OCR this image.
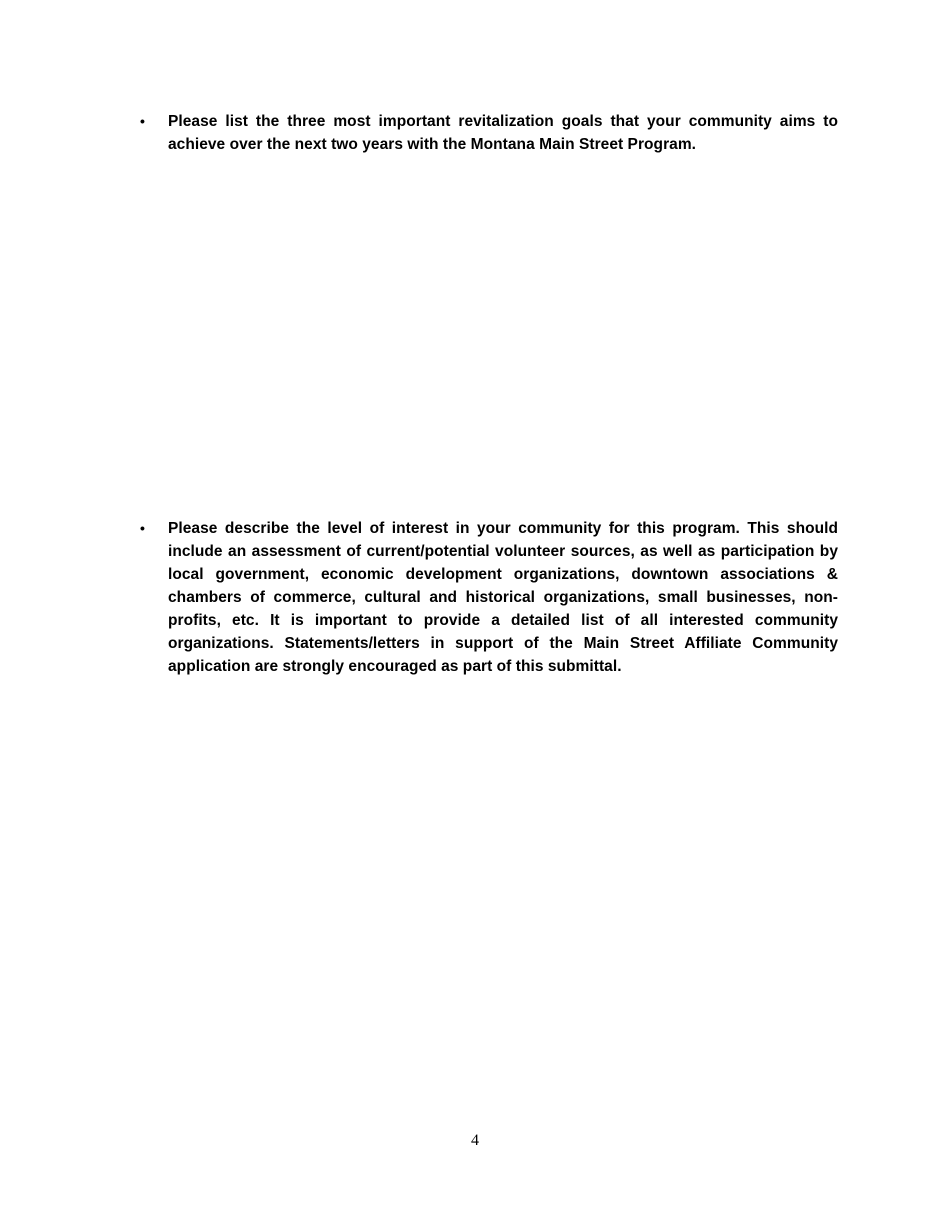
•	Please list the three most important revitalization goals that your community aims to achieve over the next two years with the Montana Main Street Program.
•	Please describe the level of interest in your community for this program. This should include an assessment of current/potential volunteer sources, as well as participation by local government, economic development organizations, downtown associations & chambers of commerce, cultural and historical organizations, small businesses, non-profits, etc. It is important to provide a detailed list of all interested community organizations. Statements/letters in support of the Main Street Affiliate Community application are strongly encouraged as part of this submittal.
4
